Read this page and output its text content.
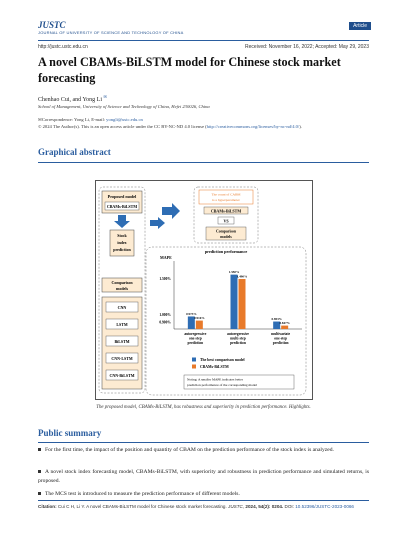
JUSTC
JOURNAL OF UNIVERSITY OF SCIENCE AND TECHNOLOGY OF CHINA
Article
http://justc.ustc.edu.cn	Received: November 16, 2022; Accepted: May 29, 2023
A novel CBAMs-BiLSTM model for Chinese stock market forecasting
Chenhao Cui, and Yong Li ✉
School of Management, University of Science and Technology of China, Hefei 230026, China
✉Correspondence: Yong Li, E-mail: yongli@ustc.edu.cn
© 2024 The Author(s). This is an open access article under the CC BY-NC-ND 4.0 license (http://creativecommons.org/licenses/by-nc-nd/4.0/).
Graphical abstract
Proposed model
CBAMs-BiLSTM
Stock
index
prediction
Comparison
models
CNN
LSTM
BiLSTM
CNN-LSTM
CNN-BiLSTM
The count of CABM
is a hyperparameter
CBAMs-BiLSTM
VS
Comparison
models
prediction performance
MAPE
1.500%
1.000%
0.900%
0.973%
0.916%
autoregressive
one-step
prediction
1.550%
1.490%
autoregressive
multi-step
prediction
0.903%
0.847%
multivariate
one-step
prediction
The best comparison model
CBAMs-BiLSTM
Noting: A smaller MAPE indicates better
prediction performance of the corresponding model
The proposed model, CBAMs-BiLSTM, has robustness and superiority in prediction performance. Highlights.
Public summary
For the first time, the impact of the position and quantity of CBAM on the prediction performance of the stock index is analyzed.
A novel stock index forecasting model, CBAMs-BiLSTM, with superiority and robustness in prediction performance and simulated returns, is proposed.
The MCS test is introduced to measure the prediction performance of different models.
Citation: Cui C H, Li Y. A novel CBAMs-BiLSTM model for Chinese stock market forecasting. JUSTC, 2024, 54(2): 0204. DOI: 10.52396/JUSTC-2023-0066
